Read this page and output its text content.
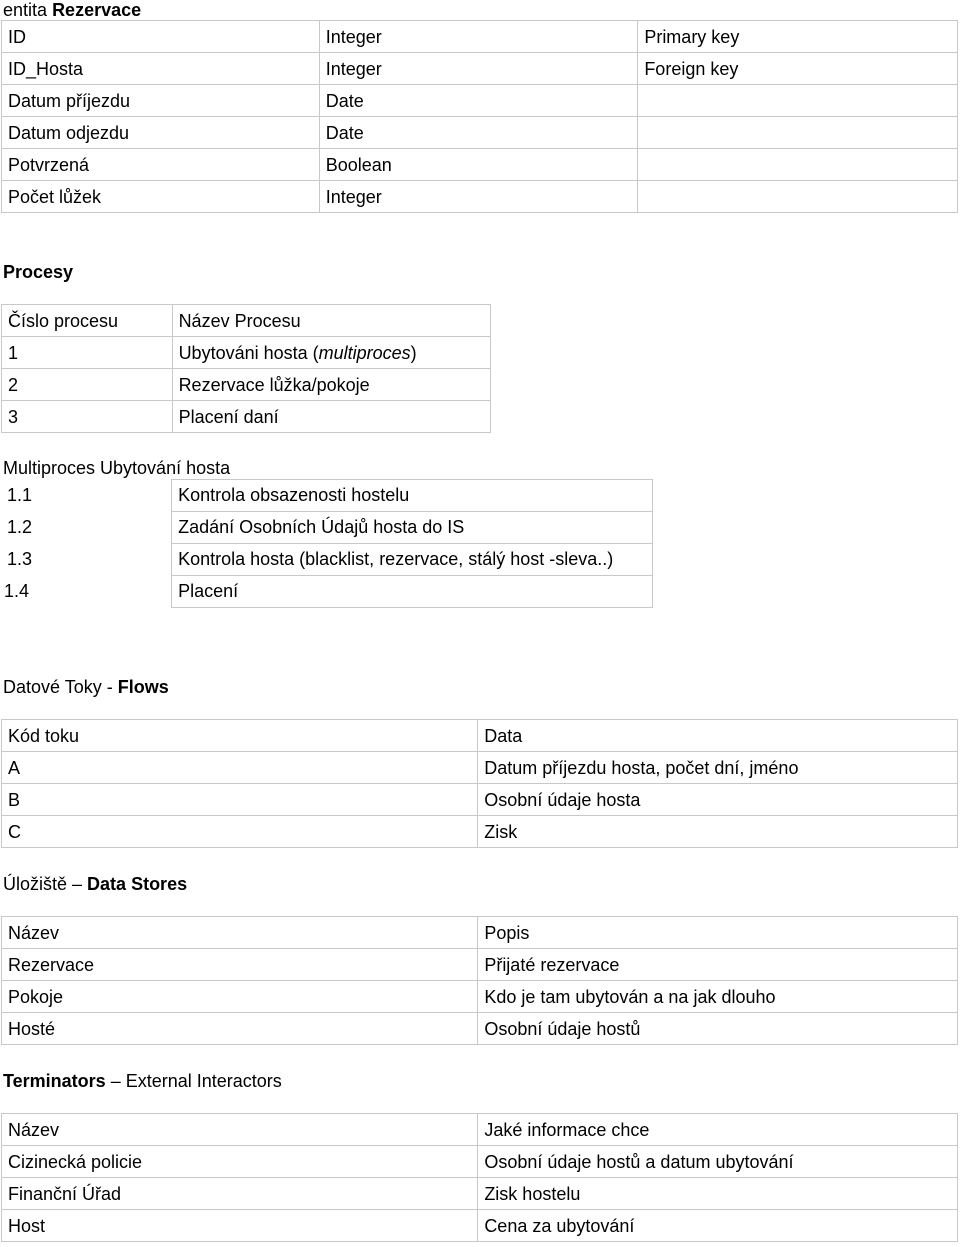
entita Rezervace
ID	Integer	Primary key
ID_Hosta	Integer	Foreign key
Datum příjezdu	Date	
Datum odjezdu	Date	
Potvrzená	Boolean	
Počet lůžek	Integer	
Procesy
Číslo procesu	Název Procesu
1	Ubytováni hosta (multiproces)
2	Rezervace lůžka/pokoje
3	Placení daní
Multiproces Ubytování hosta
1.1	Kontrola obsazenosti hostelu
1.2	Zadání Osobních Údajů hosta do IS
1.3	Kontrola hosta (blacklist, rezervace, stálý host -sleva..)
1.4	Placení
Datové Toky - Flows
Kód toku	Data
A	Datum příjezdu hosta, počet dní, jméno
B	Osobní údaje hosta
C	Zisk
Úložiště – Data Stores
Název	Popis
Rezervace	Přijaté rezervace
Pokoje	Kdo je tam ubytován a na jak dlouho
Hosté	Osobní údaje hostů
Terminators – External Interactors
Název	Jaké informace chce
Cizinecká policie	Osobní údaje hostů a datum ubytování
Finanční Úřad	Zisk hostelu
Host	Cena za ubytování
